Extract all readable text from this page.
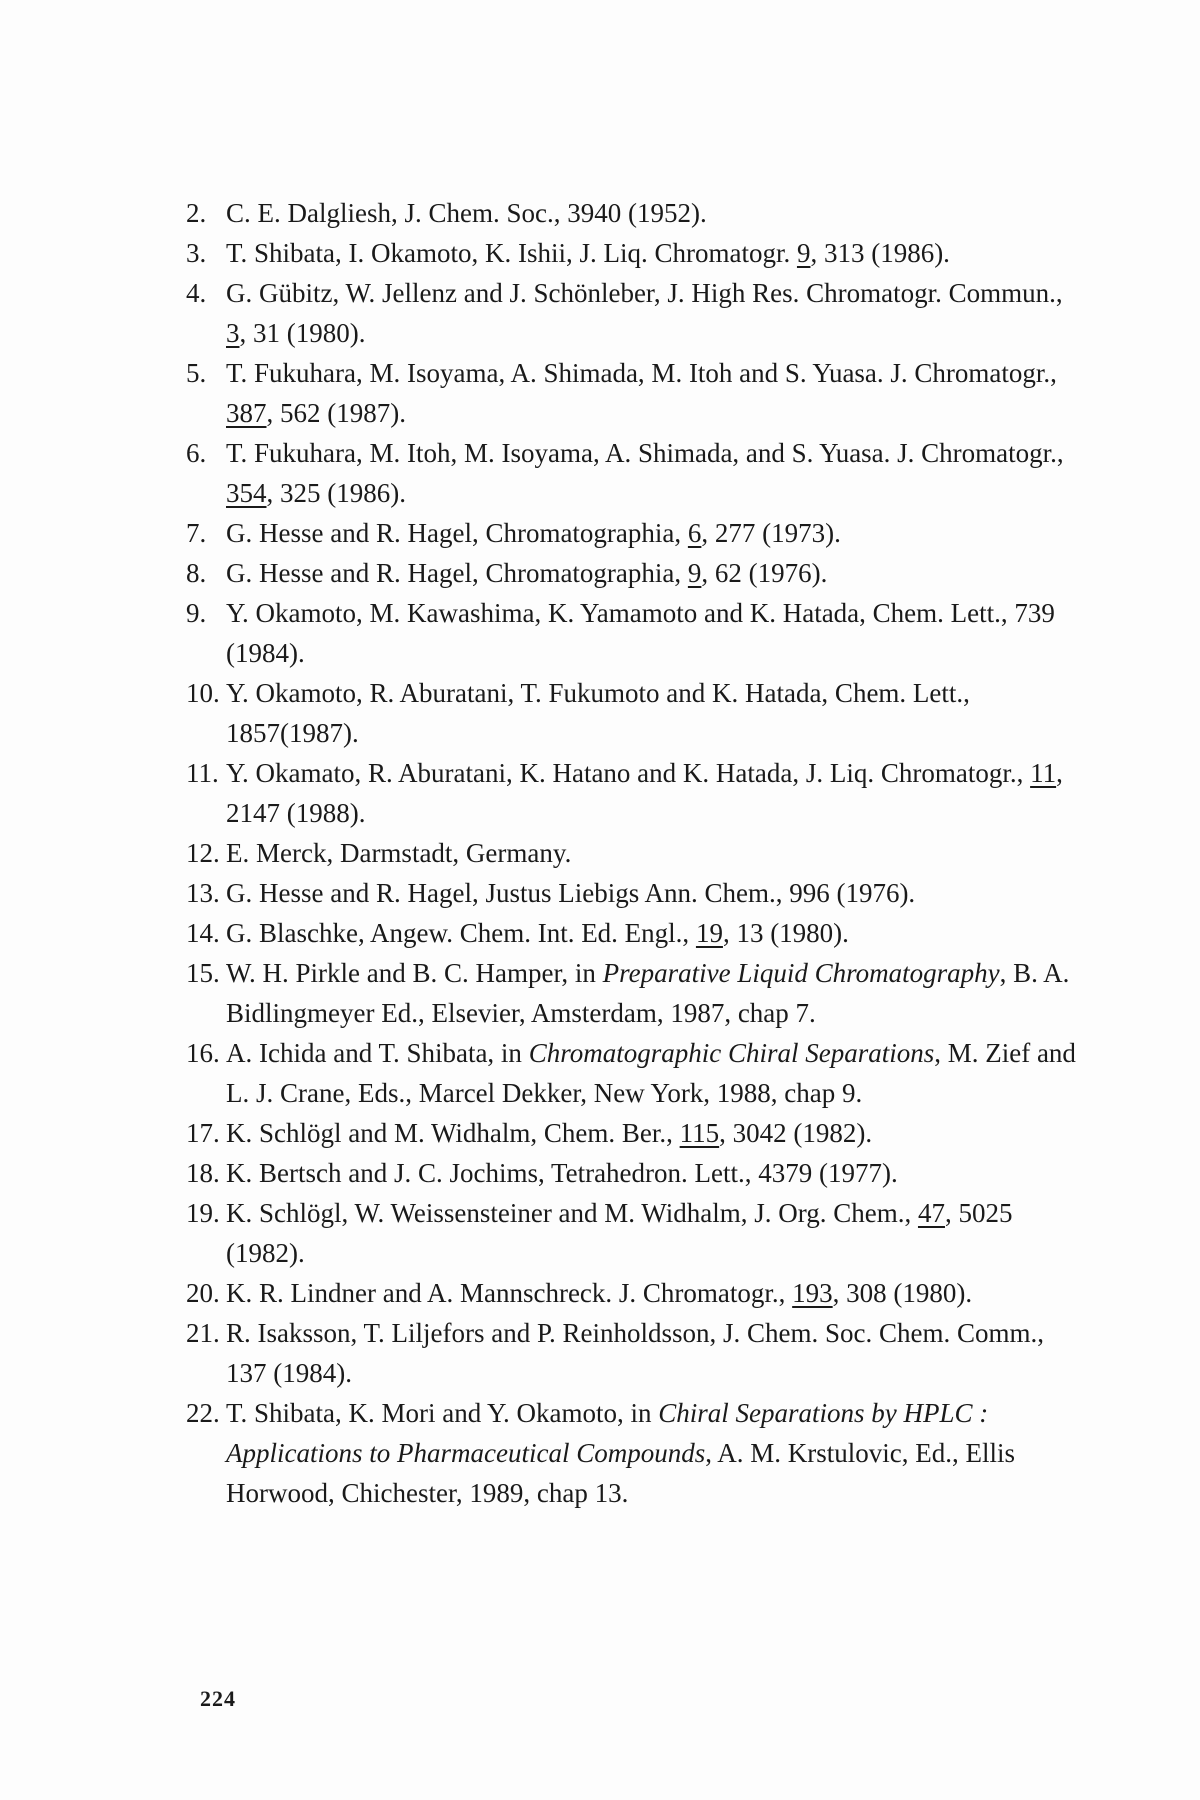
2. C. E. Dalgliesh, J. Chem. Soc., 3940 (1952).
3. T. Shibata, I. Okamoto, K. Ishii, J. Liq. Chromatogr. 9, 313 (1986).
4. G. Gübitz, W. Jellenz and J. Schönleber, J. High Res. Chromatogr. Commun., 3, 31 (1980).
5. T. Fukuhara, M. Isoyama, A. Shimada, M. Itoh and S. Yuasa. J. Chromatogr., 387, 562 (1987).
6. T. Fukuhara, M. Itoh, M. Isoyama, A. Shimada, and S. Yuasa. J. Chromatogr., 354, 325 (1986).
7. G. Hesse and R. Hagel, Chromatographia, 6, 277 (1973).
8. G. Hesse and R. Hagel, Chromatographia, 9, 62 (1976).
9. Y. Okamoto, M. Kawashima, K. Yamamoto and K. Hatada, Chem. Lett., 739 (1984).
10. Y. Okamoto, R. Aburatani, T. Fukumoto and K. Hatada, Chem. Lett., 1857(1987).
11. Y. Okamato, R. Aburatani, K. Hatano and K. Hatada, J. Liq. Chromatogr., 11, 2147 (1988).
12. E. Merck, Darmstadt, Germany.
13. G. Hesse and R. Hagel, Justus Liebigs Ann. Chem., 996 (1976).
14. G. Blaschke, Angew. Chem. Int. Ed. Engl., 19, 13 (1980).
15. W. H. Pirkle and B. C. Hamper, in Preparative Liquid Chromatography, B. A. Bidlingmeyer Ed., Elsevier, Amsterdam, 1987, chap 7.
16. A. Ichida and T. Shibata, in Chromatographic Chiral Separations, M. Zief and L. J. Crane, Eds., Marcel Dekker, New York, 1988, chap 9.
17. K. Schlögl and M. Widhalm, Chem. Ber., 115, 3042 (1982).
18. K. Bertsch and J. C. Jochims, Tetrahedron. Lett., 4379 (1977).
19. K. Schlögl, W. Weissensteiner and M. Widhalm, J. Org. Chem., 47, 5025 (1982).
20. K. R. Lindner and A. Mannschreck. J. Chromatogr., 193, 308 (1980).
21. R. Isaksson, T. Liljefors and P. Reinholdsson, J. Chem. Soc. Chem. Comm., 137 (1984).
22. T. Shibata, K. Mori and Y. Okamoto, in Chiral Separations by HPLC : Applications to Pharmaceutical Compounds, A. M. Krstulovic, Ed., Ellis Horwood, Chichester, 1989, chap 13.
224
